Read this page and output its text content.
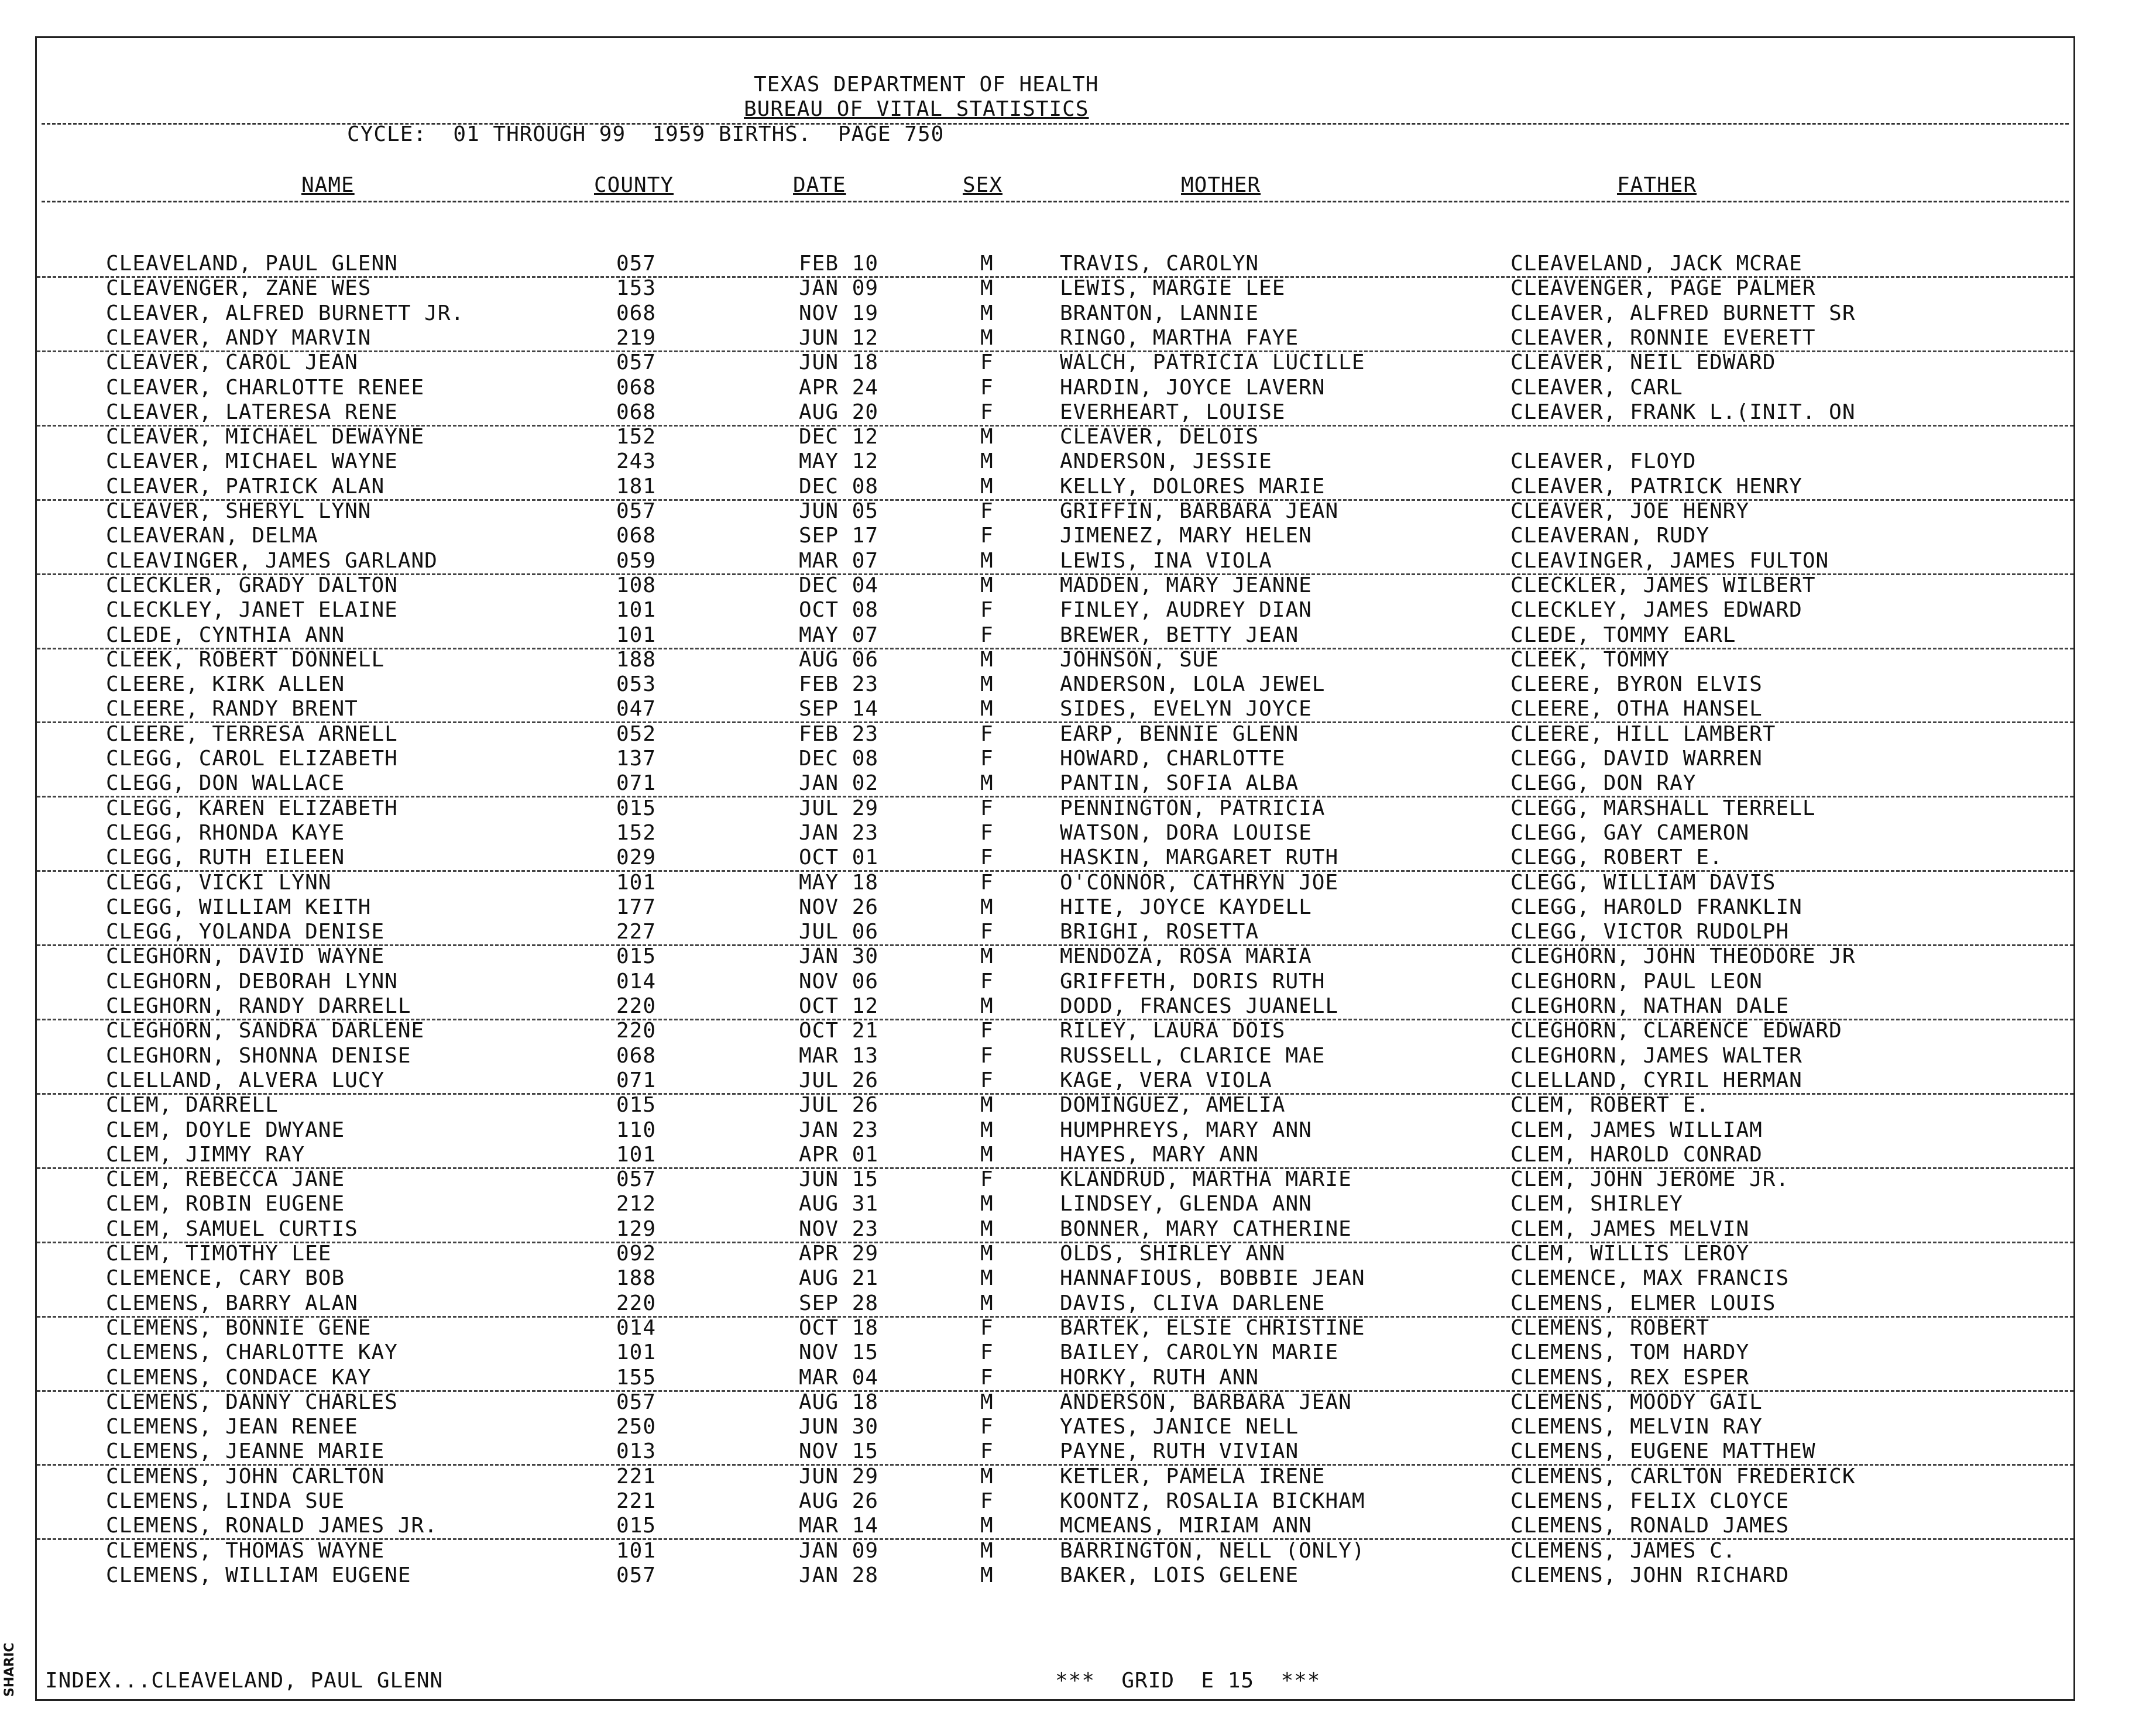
SHARIC
TEXAS DEPARTMENT OF HEALTH
BUREAU OF VITAL STATISTICS
CYCLE:  01 THROUGH 99  1959 BIRTHS.  PAGE 750
NAME	COUNTY	DATE	SEX	MOTHER	FATHER
CLEAVELAND, PAUL GLENN	057	FEB 10	M	TRAVIS, CAROLYN	CLEAVELAND, JACK MCRAE
CLEAVENGER, ZANE WES	153	JAN 09	M	LEWIS, MARGIE LEE	CLEAVENGER, PAGE PALMER
CLEAVER, ALFRED BURNETT JR.	068	NOV 19	M	BRANTON, LANNIE	CLEAVER, ALFRED BURNETT SR
CLEAVER, ANDY MARVIN	219	JUN 12	M	RINGO, MARTHA FAYE	CLEAVER, RONNIE EVERETT
CLEAVER, CAROL JEAN	057	JUN 18	F	WALCH, PATRICIA LUCILLE	CLEAVER, NEIL EDWARD
CLEAVER, CHARLOTTE RENEE	068	APR 24	F	HARDIN, JOYCE LAVERN	CLEAVER, CARL
CLEAVER, LATERESA RENE	068	AUG 20	F	EVERHEART, LOUISE	CLEAVER, FRANK L.(INIT. ON
CLEAVER, MICHAEL DEWAYNE	152	DEC 12	M	CLEAVER, DELOIS
CLEAVER, MICHAEL WAYNE	243	MAY 12	M	ANDERSON, JESSIE	CLEAVER, FLOYD
CLEAVER, PATRICK ALAN	181	DEC 08	M	KELLY, DOLORES MARIE	CLEAVER, PATRICK HENRY
CLEAVER, SHERYL LYNN	057	JUN 05	F	GRIFFIN, BARBARA JEAN	CLEAVER, JOE HENRY
CLEAVERAN, DELMA	068	SEP 17	F	JIMENEZ, MARY HELEN	CLEAVERAN, RUDY
CLEAVINGER, JAMES GARLAND	059	MAR 07	M	LEWIS, INA VIOLA	CLEAVINGER, JAMES FULTON
CLECKLER, GRADY DALTON	108	DEC 04	M	MADDEN, MARY JEANNE	CLECKLER, JAMES WILBERT
CLECKLEY, JANET ELAINE	101	OCT 08	F	FINLEY, AUDREY DIAN	CLECKLEY, JAMES EDWARD
CLEDE, CYNTHIA ANN	101	MAY 07	F	BREWER, BETTY JEAN	CLEDE, TOMMY EARL
CLEEK, ROBERT DONNELL	188	AUG 06	M	JOHNSON, SUE	CLEEK, TOMMY
CLEERE, KIRK ALLEN	053	FEB 23	M	ANDERSON, LOLA JEWEL	CLEERE, BYRON ELVIS
CLEERE, RANDY BRENT	047	SEP 14	M	SIDES, EVELYN JOYCE	CLEERE, OTHA HANSEL
CLEERE, TERRESA ARNELL	052	FEB 23	F	EARP, BENNIE GLENN	CLEERE, HILL LAMBERT
CLEGG, CAROL ELIZABETH	137	DEC 08	F	HOWARD, CHARLOTTE	CLEGG, DAVID WARREN
CLEGG, DON WALLACE	071	JAN 02	M	PANTIN, SOFIA ALBA	CLEGG, DON RAY
CLEGG, KAREN ELIZABETH	015	JUL 29	F	PENNINGTON, PATRICIA	CLEGG, MARSHALL TERRELL
CLEGG, RHONDA KAYE	152	JAN 23	F	WATSON, DORA LOUISE	CLEGG, GAY CAMERON
CLEGG, RUTH EILEEN	029	OCT 01	F	HASKIN, MARGARET RUTH	CLEGG, ROBERT E.
CLEGG, VICKI LYNN	101	MAY 18	F	O'CONNOR, CATHRYN JOE	CLEGG, WILLIAM DAVIS
CLEGG, WILLIAM KEITH	177	NOV 26	M	HITE, JOYCE KAYDELL	CLEGG, HAROLD FRANKLIN
CLEGG, YOLANDA DENISE	227	JUL 06	F	BRIGHI, ROSETTA	CLEGG, VICTOR RUDOLPH
CLEGHORN, DAVID WAYNE	015	JAN 30	M	MENDOZA, ROSA MARIA	CLEGHORN, JOHN THEODORE JR
CLEGHORN, DEBORAH LYNN	014	NOV 06	F	GRIFFETH, DORIS RUTH	CLEGHORN, PAUL LEON
CLEGHORN, RANDY DARRELL	220	OCT 12	M	DODD, FRANCES JUANELL	CLEGHORN, NATHAN DALE
CLEGHORN, SANDRA DARLENE	220	OCT 21	F	RILEY, LAURA DOIS	CLEGHORN, CLARENCE EDWARD
CLEGHORN, SHONNA DENISE	068	MAR 13	F	RUSSELL, CLARICE MAE	CLEGHORN, JAMES WALTER
CLELLAND, ALVERA LUCY	071	JUL 26	F	KAGE, VERA VIOLA	CLELLAND, CYRIL HERMAN
CLEM, DARRELL	015	JUL 26	M	DOMINGUEZ, AMELIA	CLEM, ROBERT E.
CLEM, DOYLE DWYANE	110	JAN 23	M	HUMPHREYS, MARY ANN	CLEM, JAMES WILLIAM
CLEM, JIMMY RAY	101	APR 01	M	HAYES, MARY ANN	CLEM, HAROLD CONRAD
CLEM, REBECCA JANE	057	JUN 15	F	KLANDRUD, MARTHA MARIE	CLEM, JOHN JEROME JR.
CLEM, ROBIN EUGENE	212	AUG 31	M	LINDSEY, GLENDA ANN	CLEM, SHIRLEY
CLEM, SAMUEL CURTIS	129	NOV 23	M	BONNER, MARY CATHERINE	CLEM, JAMES MELVIN
CLEM, TIMOTHY LEE	092	APR 29	M	OLDS, SHIRLEY ANN	CLEM, WILLIS LEROY
CLEMENCE, CARY BOB	188	AUG 21	M	HANNAFIOUS, BOBBIE JEAN	CLEMENCE, MAX FRANCIS
CLEMENS, BARRY ALAN	220	SEP 28	M	DAVIS, CLIVA DARLENE	CLEMENS, ELMER LOUIS
CLEMENS, BONNIE GENE	014	OCT 18	F	BARTEK, ELSIE CHRISTINE	CLEMENS, ROBERT
CLEMENS, CHARLOTTE KAY	101	NOV 15	F	BAILEY, CAROLYN MARIE	CLEMENS, TOM HARDY
CLEMENS, CONDACE KAY	155	MAR 04	F	HORKY, RUTH ANN	CLEMENS, REX ESPER
CLEMENS, DANNY CHARLES	057	AUG 18	M	ANDERSON, BARBARA JEAN	CLEMENS, MOODY GAIL
CLEMENS, JEAN RENEE	250	JUN 30	F	YATES, JANICE NELL	CLEMENS, MELVIN RAY
CLEMENS, JEANNE MARIE	013	NOV 15	F	PAYNE, RUTH VIVIAN	CLEMENS, EUGENE MATTHEW
CLEMENS, JOHN CARLTON	221	JUN 29	M	KETLER, PAMELA IRENE	CLEMENS, CARLTON FREDERICK
CLEMENS, LINDA SUE	221	AUG 26	F	KOONTZ, ROSALIA BICKHAM	CLEMENS, FELIX CLOYCE
CLEMENS, RONALD JAMES JR.	015	MAR 14	M	MCMEANS, MIRIAM ANN	CLEMENS, RONALD JAMES
CLEMENS, THOMAS WAYNE	101	JAN 09	M	BARRINGTON, NELL (ONLY)	CLEMENS, JAMES C.
CLEMENS, WILLIAM EUGENE	057	JAN 28	M	BAKER, LOIS GELENE	CLEMENS, JOHN RICHARD
INDEX...CLEAVELAND, PAUL GLENN	***  GRID  E 15  ***
